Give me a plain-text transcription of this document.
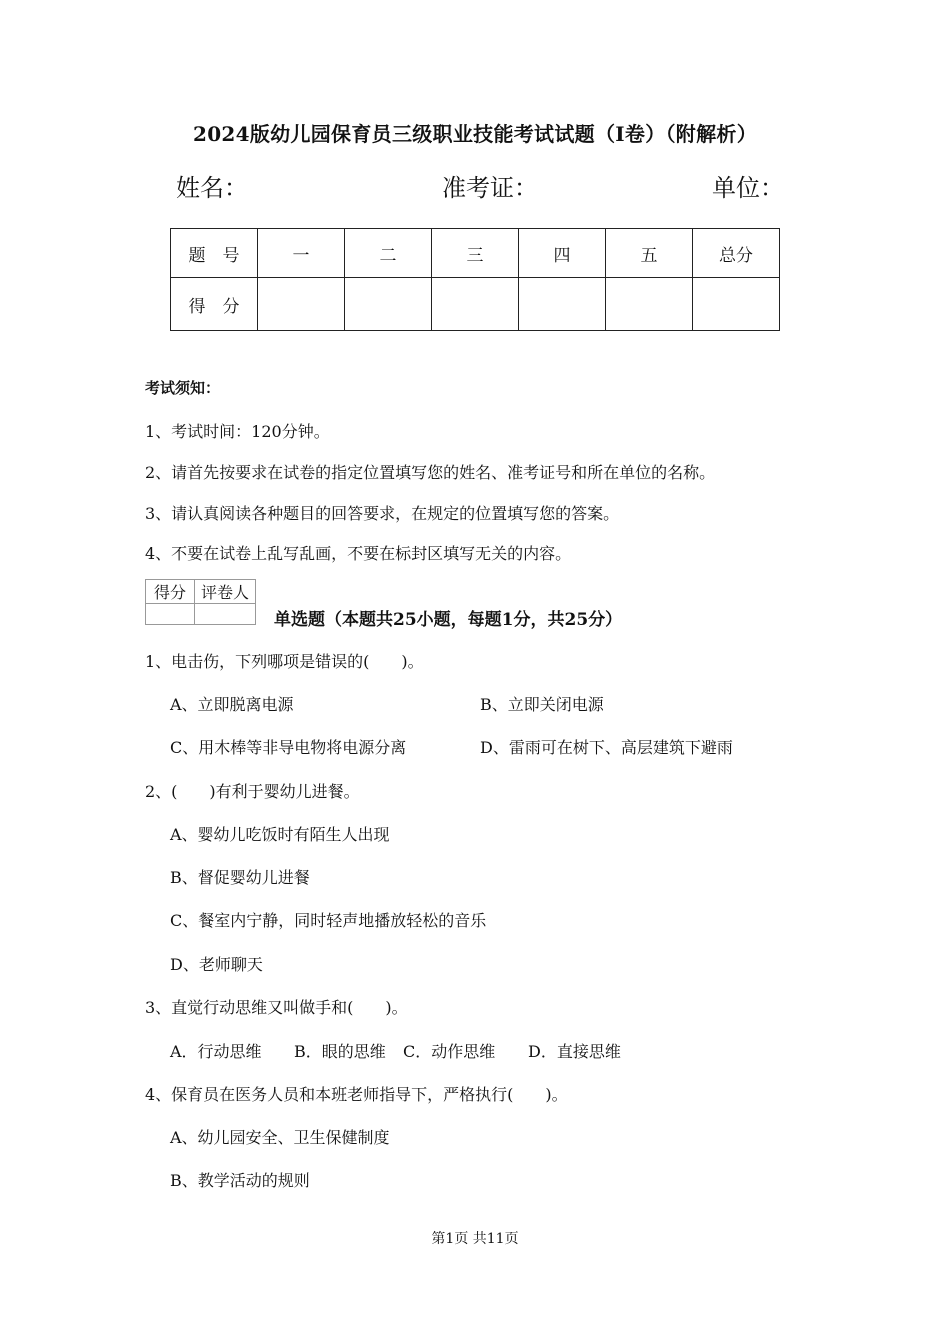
2024版幼儿园保育员三级职业技能考试试题（I卷）（附解析）
姓名：	准考证：	单位：
题　号	一	二	三	四	五	总分
得　分						
考试须知：
1、考试时间：120分钟。
2、请首先按要求在试卷的指定位置填写您的姓名、准考证号和所在单位的名称。
3、请认真阅读各种题目的回答要求，在规定的位置填写您的答案。
4、不要在试卷上乱写乱画，不要在标封区填写无关的内容。
得分	评卷人

单选题（本题共25小题，每题1分，共25分）
1、电击伤，下列哪项是错误的(　　)。
A、立即脱离电源	B、立即关闭电源
C、用木棒等非导电物将电源分离	D、雷雨可在树下、高层建筑下避雨
2、(　　)有利于婴幼儿进餐。
A、婴幼儿吃饭时有陌生人出现
B、督促婴幼儿进餐
C、餐室内宁静，同时轻声地播放轻松的音乐
D、老师聊天
3、直觉行动思维又叫做手和(　　)。
A．行动思维 B．眼的思维 C．动作思维 D．直接思维
4、保育员在医务人员和本班老师指导下，严格执行(　　)。
A、幼儿园安全、卫生保健制度
B、教学活动的规则
第1页 共11页
